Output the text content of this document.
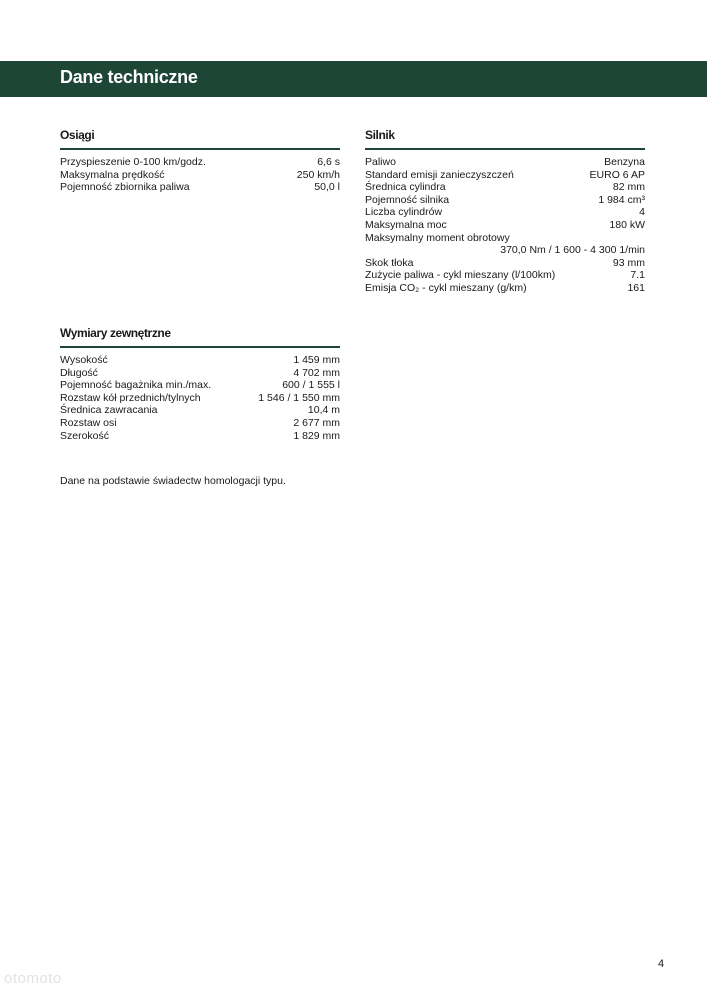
Dane techniczne
Osiągi
Przyspieszenie 0-100 km/godz.	6,6 s
Maksymalna prędkość	250 km/h
Pojemność zbiornika paliwa	50,0 l
Silnik
Paliwo	Benzyna
Standard emisji zanieczyszczeń	EURO 6 AP
Średnica cylindra	82 mm
Pojemność silnika	1 984 cm³
Liczba cylindrów	4
Maksymalna moc	180 kW
Maksymalny moment obrotowy
370,0 Nm / 1 600 - 4 300 1/min
Skok tłoka	93 mm
Zużycie paliwa - cykl mieszany (l/100km)	7.1
Emisja CO₂ - cykl mieszany (g/km)	161
Wymiary zewnętrzne
Wysokość	1 459 mm
Długość	4 702 mm
Pojemność bagażnika min./max.	600 / 1 555 l
Rozstaw kół przednich/tylnych	1 546 / 1 550 mm
Średnica zawracania	10,4 m
Rozstaw osi	2 677 mm
Szerokość	1 829 mm

Dane na podstawie świadectw homologacji typu.

4
otomoto
